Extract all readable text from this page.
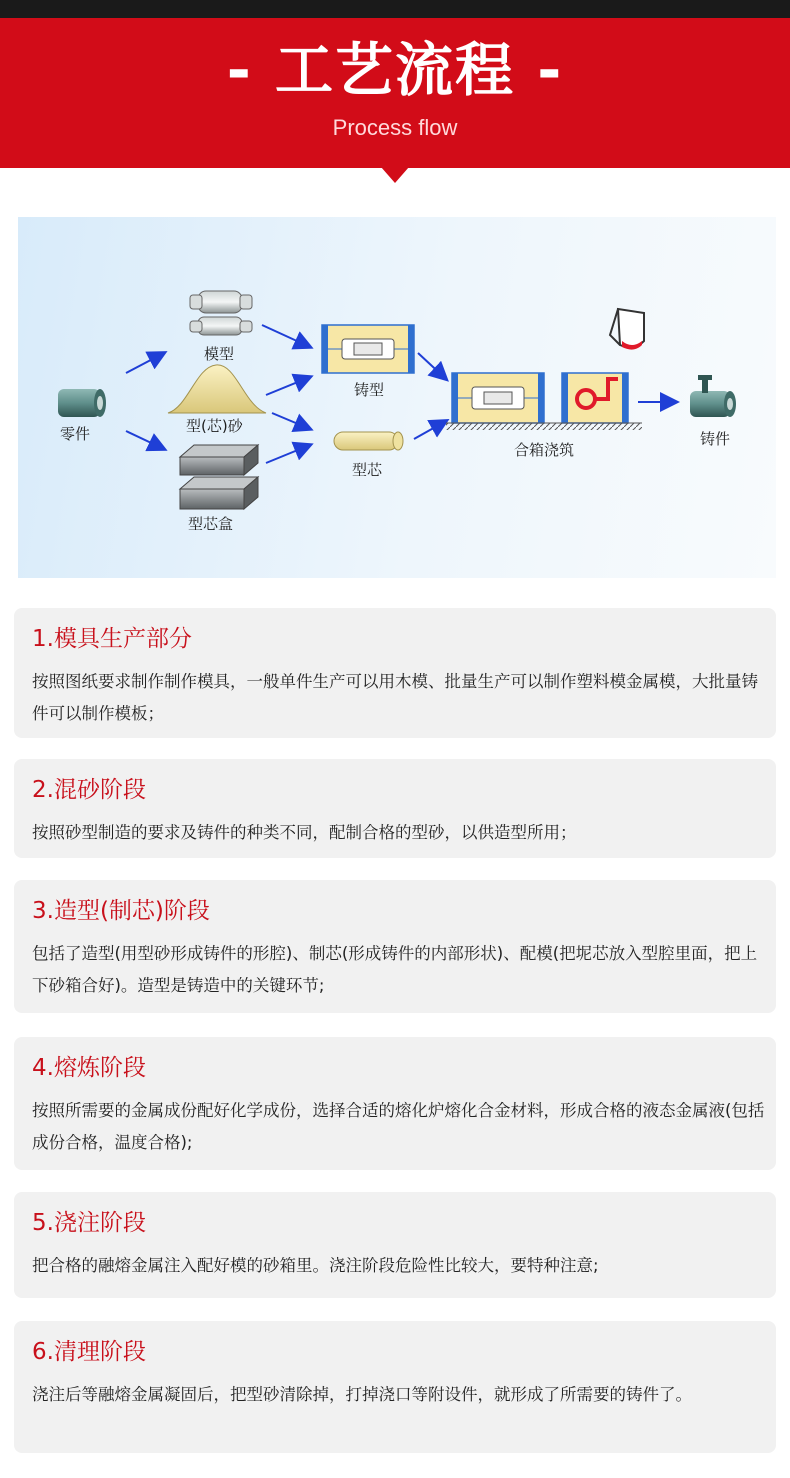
- 工艺流程 -
Process flow
零件
模型
型(芯)砂
型芯盒
铸型
型芯
合箱浇筑
铸件
1.模具生产部分
按照图纸要求制作制作模具，一般单件生产可以用木模、批量生产可以制作塑料模金属模，大批量铸件可以制作模板；
2.混砂阶段
按照砂型制造的要求及铸件的种类不同，配制合格的型砂，以供造型所用；
3.造型(制芯)阶段
包括了造型(用型砂形成铸件的形腔)、制芯(形成铸件的内部形状)、配模(把坭芯放入型腔里面，把上下砂箱合好)。造型是铸造中的关键环节;
4.熔炼阶段
按照所需要的金属成份配好化学成份，选择合适的熔化炉熔化合金材料，形成合格的液态金属液(包括成份合格，温度合格);
5.浇注阶段
把合格的融熔金属注入配好模的砂箱里。浇注阶段危险性比较大，要特种注意;
6.清理阶段
浇注后等融熔金属凝固后，把型砂清除掉，打掉浇口等附设件，就形成了所需要的铸件了。
